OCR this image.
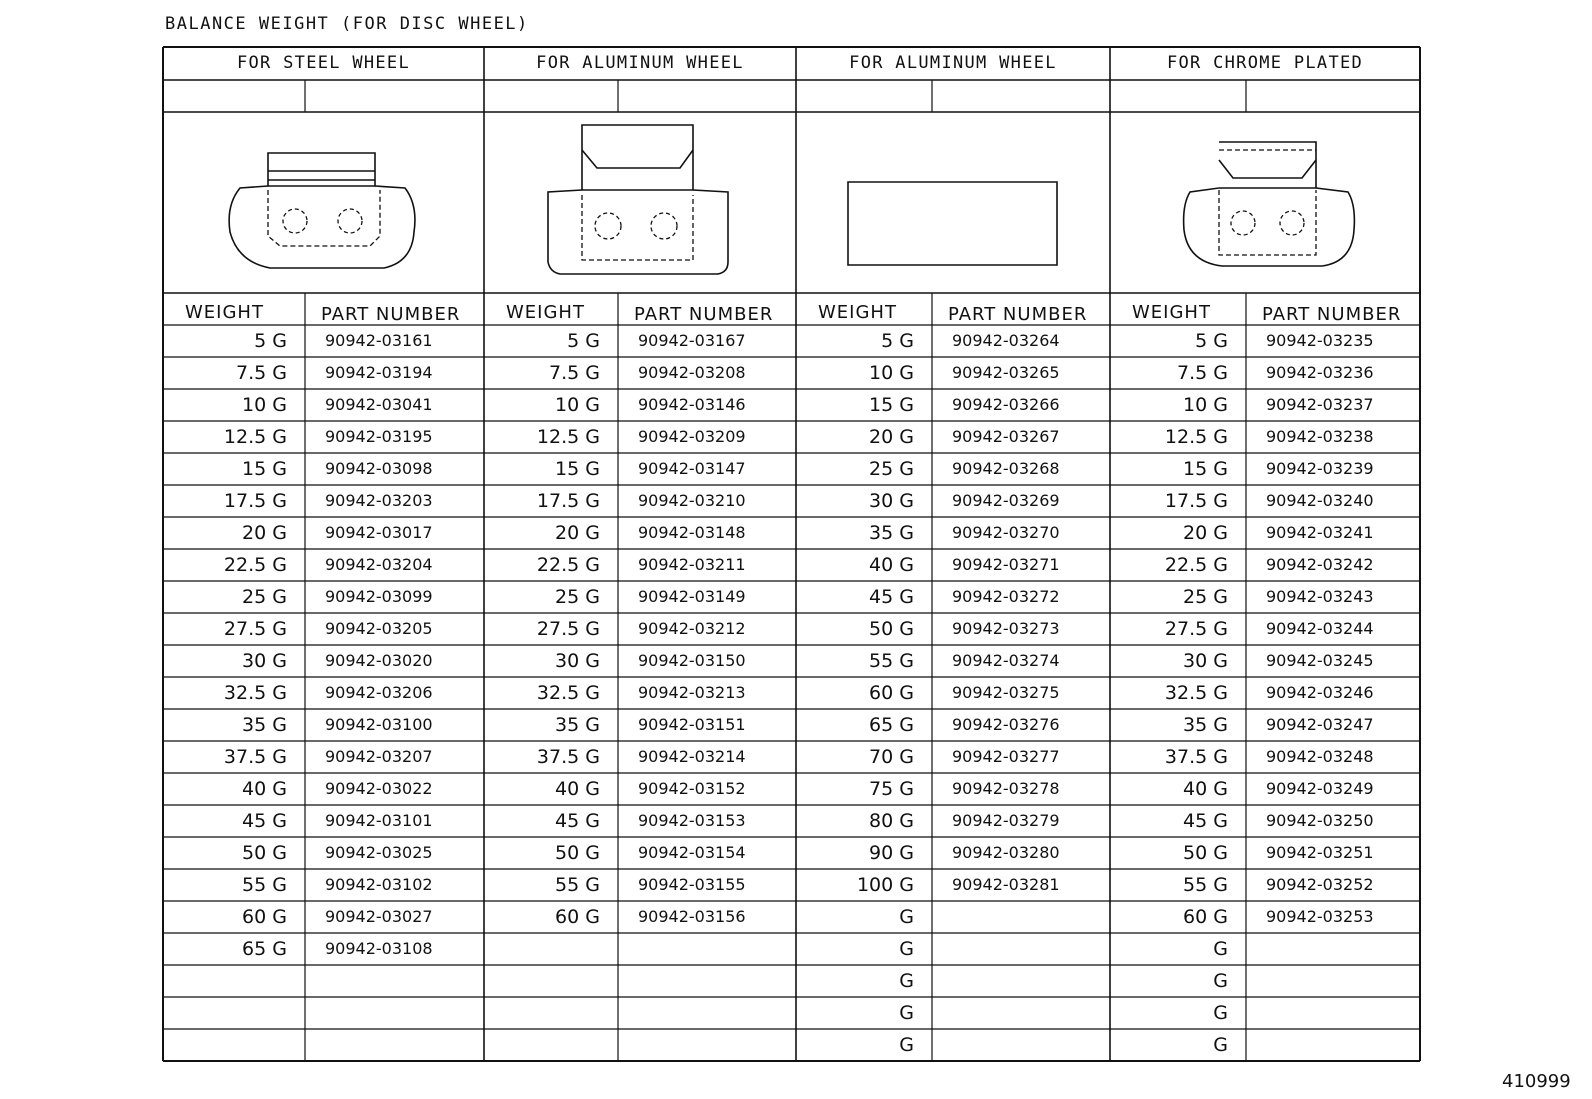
BALANCE WEIGHT (FOR DISC WHEEL)
FOR STEEL WHEEL
WEIGHT	PART NUMBER
5 G 90942-03161
7.5 G 90942-03194
10 G 90942-03041
12.5 G 90942-03195
15 G 90942-03098
17.5 G 90942-03203
20 G 90942-03017
22.5 G 90942-03204
25 G 90942-03099
27.5 G 90942-03205
30 G 90942-03020
32.5 G 90942-03206
35 G 90942-03100
37.5 G 90942-03207
40 G 90942-03022
45 G 90942-03101
50 G 90942-03025
55 G 90942-03102
60 G 90942-03027
65 G 90942-03108
FOR ALUMINUM WHEEL
WEIGHT	PART NUMBER
5 G 90942-03167
7.5 G 90942-03208
10 G 90942-03146
12.5 G 90942-03209
15 G 90942-03147
17.5 G 90942-03210
20 G 90942-03148
22.5 G 90942-03211
25 G 90942-03149
27.5 G 90942-03212
30 G 90942-03150
32.5 G 90942-03213
35 G 90942-03151
37.5 G 90942-03214
40 G 90942-03152
45 G 90942-03153
50 G 90942-03154
55 G 90942-03155
60 G 90942-03156
FOR ALUMINUM WHEEL
WEIGHT	PART NUMBER
5 G 90942-03264
10 G 90942-03265
15 G 90942-03266
20 G 90942-03267
25 G 90942-03268
30 G 90942-03269
35 G 90942-03270
40 G 90942-03271
45 G 90942-03272
50 G 90942-03273
55 G 90942-03274
60 G 90942-03275
65 G 90942-03276
70 G 90942-03277
75 G 90942-03278
80 G 90942-03279
90 G 90942-03280
100 G 90942-03281
G
G
G
G
G
FOR CHROME PLATED
WEIGHT	PART NUMBER
5 G 90942-03235
7.5 G 90942-03236
10 G 90942-03237
12.5 G 90942-03238
15 G 90942-03239
17.5 G 90942-03240
20 G 90942-03241
22.5 G 90942-03242
25 G 90942-03243
27.5 G 90942-03244
30 G 90942-03245
32.5 G 90942-03246
35 G 90942-03247
37.5 G 90942-03248
40 G 90942-03249
45 G 90942-03250
50 G 90942-03251
55 G 90942-03252
60 G 90942-03253
G
G
G
G
410999
